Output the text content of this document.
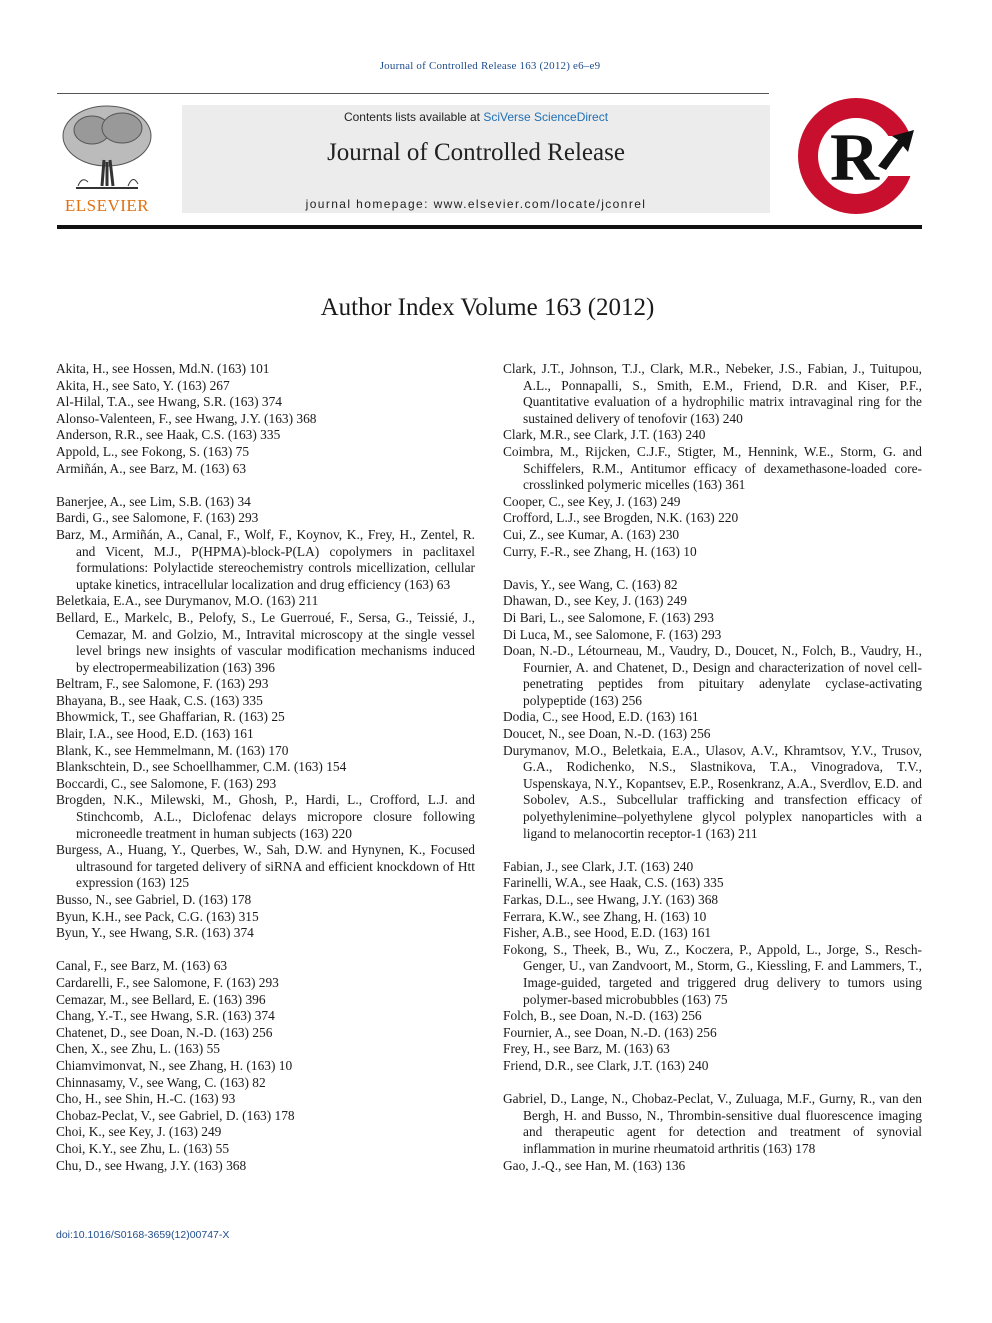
Journal of Controlled Release 163 (2012) e6–e9
ELSEVIER
Contents lists available at SciVerse ScienceDirect
Journal of Controlled Release
journal homepage: www.elsevier.com/locate/jconrel
R
Author Index Volume 163 (2012)
Akita, H., see Hossen, Md.N. (163) 101
Akita, H., see Sato, Y. (163) 267
Al-Hilal, T.A., see Hwang, S.R. (163) 374
Alonso-Valenteen, F., see Hwang, J.Y. (163) 368
Anderson, R.R., see Haak, C.S. (163) 335
Appold, L., see Fokong, S. (163) 75
Armiñán, A., see Barz, M. (163) 63
Banerjee, A., see Lim, S.B. (163) 34
Bardi, G., see Salomone, F. (163) 293
Barz, M., Armiñán, A., Canal, F., Wolf, F., Koynov, K., Frey, H., Zentel, R. and Vicent, M.J., P(HPMA)-block-P(LA) copolymers in paclitaxel formulations: Polylactide stereochemistry controls micellization, cellular uptake kinetics, intracellular localization and drug efficiency (163) 63
Beletkaia, E.A., see Durymanov, M.O. (163) 211
Bellard, E., Markelc, B., Pelofy, S., Le Guerroué, F., Sersa, G., Teissié, J., Cemazar, M. and Golzio, M., Intravital microscopy at the single vessel level brings new insights of vascular modification mechanisms induced by electropermeabilization (163) 396
Beltram, F., see Salomone, F. (163) 293
Bhayana, B., see Haak, C.S. (163) 335
Bhowmick, T., see Ghaffarian, R. (163) 25
Blair, I.A., see Hood, E.D. (163) 161
Blank, K., see Hemmelmann, M. (163) 170
Blankschtein, D., see Schoellhammer, C.M. (163) 154
Boccardi, C., see Salomone, F. (163) 293
Brogden, N.K., Milewski, M., Ghosh, P., Hardi, L., Crofford, L.J. and Stinchcomb, A.L., Diclofenac delays micropore closure following microneedle treatment in human subjects (163) 220
Burgess, A., Huang, Y., Querbes, W., Sah, D.W. and Hynynen, K., Focused ultrasound for targeted delivery of siRNA and efficient knockdown of Htt expression (163) 125
Busso, N., see Gabriel, D. (163) 178
Byun, K.H., see Pack, C.G. (163) 315
Byun, Y., see Hwang, S.R. (163) 374
Canal, F., see Barz, M. (163) 63
Cardarelli, F., see Salomone, F. (163) 293
Cemazar, M., see Bellard, E. (163) 396
Chang, Y.-T., see Hwang, S.R. (163) 374
Chatenet, D., see Doan, N.-D. (163) 256
Chen, X., see Zhu, L. (163) 55
Chiamvimonvat, N., see Zhang, H. (163) 10
Chinnasamy, V., see Wang, C. (163) 82
Cho, H., see Shin, H.-C. (163) 93
Chobaz-Peclat, V., see Gabriel, D. (163) 178
Choi, K., see Key, J. (163) 249
Choi, K.Y., see Zhu, L. (163) 55
Chu, D., see Hwang, J.Y. (163) 368
Clark, J.T., Johnson, T.J., Clark, M.R., Nebeker, J.S., Fabian, J., Tuitupou, A.L., Ponnapalli, S., Smith, E.M., Friend, D.R. and Kiser, P.F., Quantitative evaluation of a hydrophilic matrix intravaginal ring for the sustained delivery of tenofovir (163) 240
Clark, M.R., see Clark, J.T. (163) 240
Coimbra, M., Rijcken, C.J.F., Stigter, M., Hennink, W.E., Storm, G. and Schiffelers, R.M., Antitumor efficacy of dexamethasone-loaded core-crosslinked polymeric micelles (163) 361
Cooper, C., see Key, J. (163) 249
Crofford, L.J., see Brogden, N.K. (163) 220
Cui, Z., see Kumar, A. (163) 230
Curry, F.-R., see Zhang, H. (163) 10
Davis, Y., see Wang, C. (163) 82
Dhawan, D., see Key, J. (163) 249
Di Bari, L., see Salomone, F. (163) 293
Di Luca, M., see Salomone, F. (163) 293
Doan, N.-D., Létourneau, M., Vaudry, D., Doucet, N., Folch, B., Vaudry, H., Fournier, A. and Chatenet, D., Design and characterization of novel cell-penetrating peptides from pituitary adenylate cyclase-activating polypeptide (163) 256
Dodia, C., see Hood, E.D. (163) 161
Doucet, N., see Doan, N.-D. (163) 256
Durymanov, M.O., Beletkaia, E.A., Ulasov, A.V., Khramtsov, Y.V., Trusov, G.A., Rodichenko, N.S., Slastnikova, T.A., Vinogradova, T.V., Uspenskaya, N.Y., Kopantsev, E.P., Rosenkranz, A.A., Sverdlov, E.D. and Sobolev, A.S., Subcellular trafficking and transfection efficacy of polyethylenimine–polyethylene glycol polyplex nanoparticles with a ligand to melanocortin receptor-1 (163) 211
Fabian, J., see Clark, J.T. (163) 240
Farinelli, W.A., see Haak, C.S. (163) 335
Farkas, D.L., see Hwang, J.Y. (163) 368
Ferrara, K.W., see Zhang, H. (163) 10
Fisher, A.B., see Hood, E.D. (163) 161
Fokong, S., Theek, B., Wu, Z., Koczera, P., Appold, L., Jorge, S., Resch-Genger, U., van Zandvoort, M., Storm, G., Kiessling, F. and Lammers, T., Image-guided, targeted and triggered drug delivery to tumors using polymer-based microbubbles (163) 75
Folch, B., see Doan, N.-D. (163) 256
Fournier, A., see Doan, N.-D. (163) 256
Frey, H., see Barz, M. (163) 63
Friend, D.R., see Clark, J.T. (163) 240
Gabriel, D., Lange, N., Chobaz-Peclat, V., Zuluaga, M.F., Gurny, R., van den Bergh, H. and Busso, N., Thrombin-sensitive dual fluorescence imaging and therapeutic agent for detection and treatment of synovial inflammation in murine rheumatoid arthritis (163) 178
Gao, J.-Q., see Han, M. (163) 136
doi:10.1016/S0168-3659(12)00747-X
